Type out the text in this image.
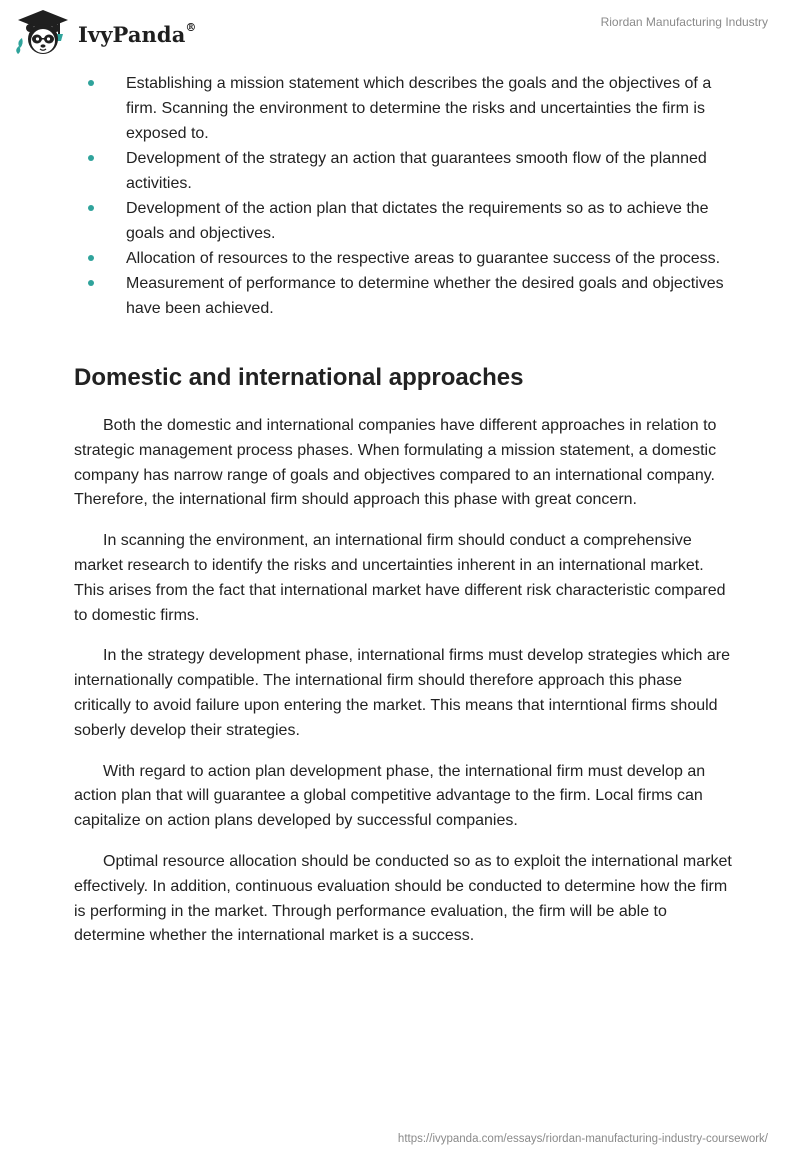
IvyPanda®	Riordan Manufacturing Industry
Establishing a mission statement which describes the goals and the objectives of a firm. Scanning the environment to determine the risks and uncertainties the firm is exposed to.
Development of the strategy an action that guarantees smooth flow of the planned activities.
Development of the action plan that dictates the requirements so as to achieve the goals and objectives.
Allocation of resources to the respective areas to guarantee success of the process.
Measurement of performance to determine whether the desired goals and objectives have been achieved.
Domestic and international approaches

Both the domestic and international companies have different approaches in relation to strategic management process phases. When formulating a mission statement, a domestic company has narrow range of goals and objectives compared to an international company. Therefore, the international firm should approach this phase with great concern.

In scanning the environment, an international firm should conduct a comprehensive market research to identify the risks and uncertainties inherent in an international market. This arises from the fact that international market have different risk characteristic compared to domestic firms.

In the strategy development phase, international firms must develop strategies which are internationally compatible. The international firm should therefore approach this phase critically to avoid failure upon entering the market. This means that interntional firms should soberly develop their strategies.

With regard to action plan development phase, the international firm must develop an action plan that will guarantee a global competitive advantage to the firm. Local firms can capitalize on action plans developed by successful companies.

Optimal resource allocation should be conducted so as to exploit the international market effectively. In addition, continuous evaluation should be conducted to determine how the firm is performing in the market. Through performance evaluation, the firm will be able to determine whether the international market is a success.

https://ivypanda.com/essays/riordan-manufacturing-industry-coursework/
